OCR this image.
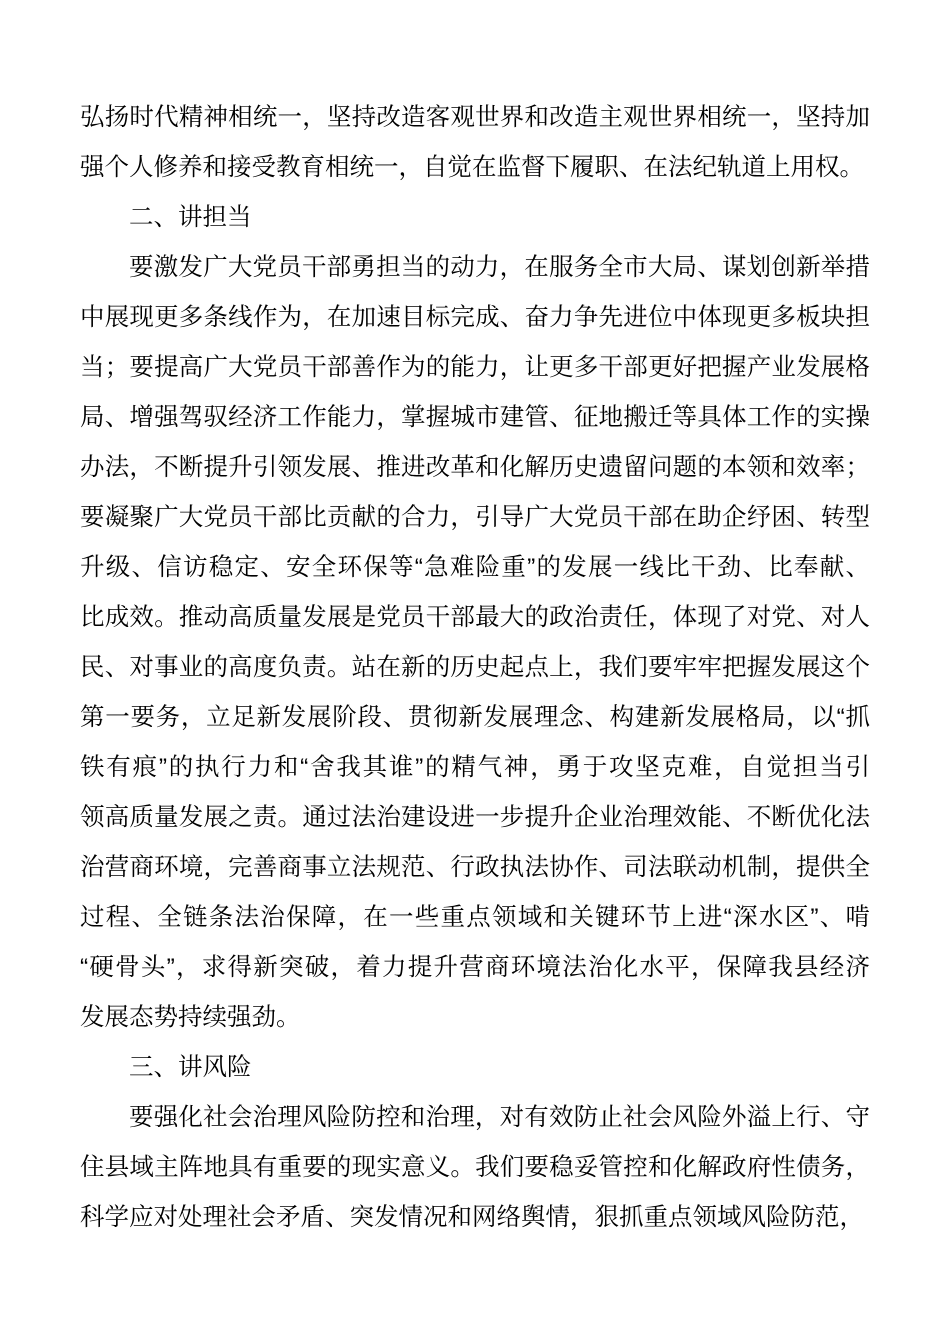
弘扬时代精神相统一，坚持改造客观世界和改造主观世界相统一，坚持加
强个人修养和接受教育相统一，自觉在监督下履职、在法纪轨道上用权。
二、讲担当
要激发广大党员干部勇担当的动力，在服务全市大局、谋划创新举措
中展现更多条线作为，在加速目标完成、奋力争先进位中体现更多板块担
当；要提高广大党员干部善作为的能力，让更多干部更好把握产业发展格
局、增强驾驭经济工作能力，掌握城市建管、征地搬迁等具体工作的实操
办法，不断提升引领发展、推进改革和化解历史遗留问题的本领和效率；
要凝聚广大党员干部比贡献的合力，引导广大党员干部在助企纾困、转型
升级、信访稳定、安全环保等“急难险重”的发展一线比干劲、比奉献、
比成效。推动高质量发展是党员干部最大的政治责任，体现了对党、对人
民、对事业的高度负责。站在新的历史起点上，我们要牢牢把握发展这个
第一要务，立足新发展阶段、贯彻新发展理念、构建新发展格局，以“抓
铁有痕”的执行力和“舍我其谁”的精气神，勇于攻坚克难，自觉担当引
领高质量发展之责。通过法治建设进一步提升企业治理效能、不断优化法
治营商环境，完善商事立法规范、行政执法协作、司法联动机制，提供全
过程、全链条法治保障，在一些重点领域和关键环节上进“深水区”、啃
“硬骨头”，求得新突破，着力提升营商环境法治化水平，保障我县经济
发展态势持续强劲。
三、讲风险
要强化社会治理风险防控和治理，对有效防止社会风险外溢上行、守
住县域主阵地具有重要的现实意义。我们要稳妥管控和化解政府性债务，
科学应对处理社会矛盾、突发情况和网络舆情，狠抓重点领域风险防范，
